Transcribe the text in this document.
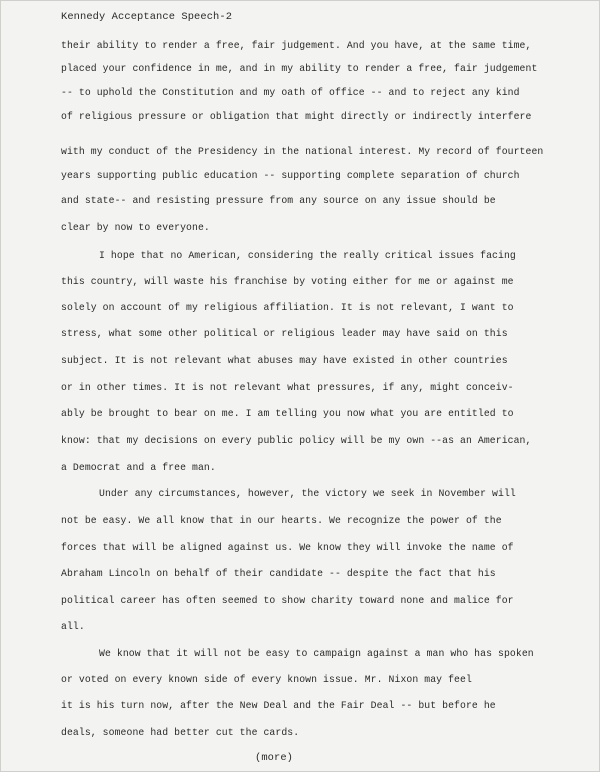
Kennedy Acceptance Speech-2
their ability to render a free, fair judgement. And you have, at the same time,
placed your confidence in me, and in my ability to render a free, fair judgement
-- to uphold the Constitution and my oath of office -- and to reject any kind
of religious pressure or obligation that might directly or indirectly interfere
with my conduct of the Presidency in the national interest. My record of fourteen
years supporting public education -- supporting complete separation of church
and state-- and resisting pressure from any source on any issue should be
clear by now to everyone.
I hope that no American, considering the really critical issues facing
this country, will waste his franchise by voting either for me or against me
solely on account of my religious affiliation. It is not relevant, I want to
stress, what some other political or religious leader may have said on this
subject. It is not relevant what abuses may have existed in other countries
or in other times. It is not relevant what pressures, if any, might conceiv-
ably be brought to bear on me. I am telling you now what you are entitled to
know: that my decisions on every public policy will be my own --as an American,
a Democrat and a free man.
Under any circumstances, however, the victory we seek in November will
not be easy. We all know that in our hearts. We recognize the power of the
forces that will be aligned against us. We know they will invoke the name of
Abraham Lincoln on behalf of their candidate -- despite the fact that his
political career has often seemed to show charity toward none and malice for
all.
We know that it will not be easy to campaign against a man who has spoken
or voted on every known side of every known issue. Mr. Nixon may feel
it is his turn now, after the New Deal and the Fair Deal -- but before he
deals, someone had better cut the cards.
(more)
